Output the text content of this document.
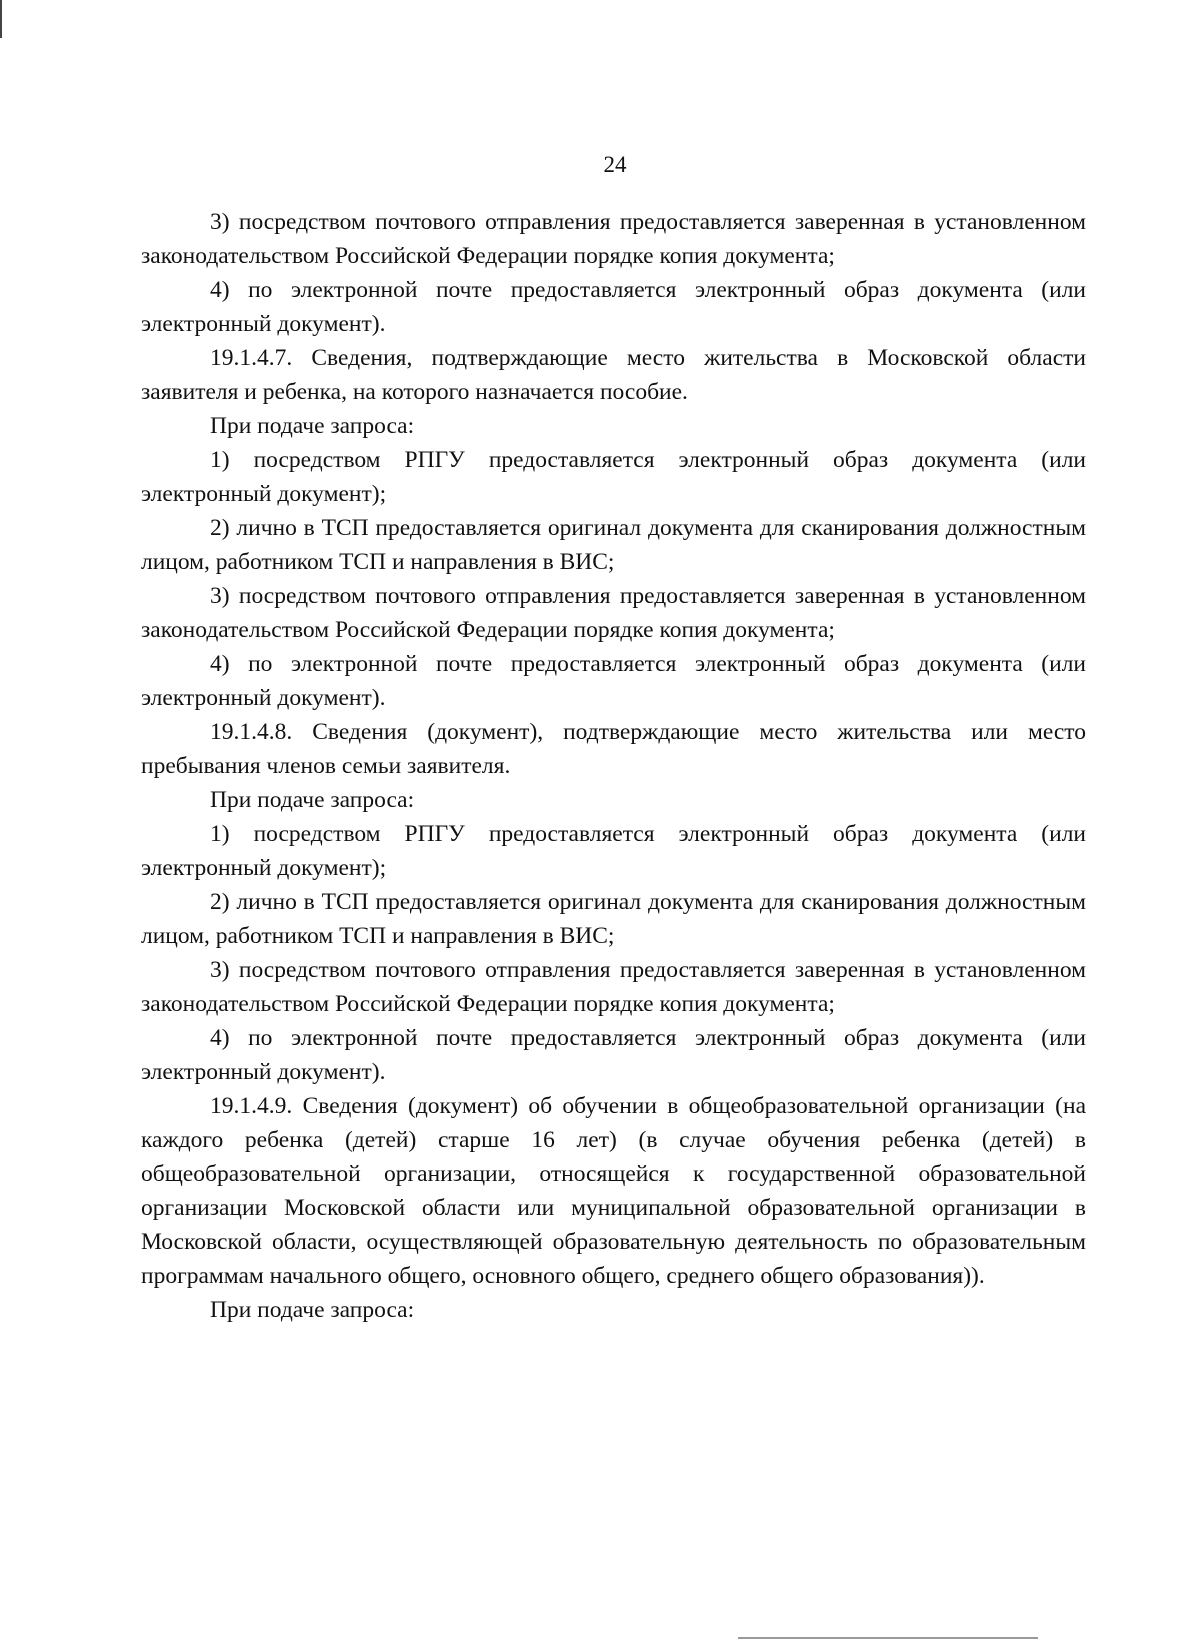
24

3) посредством почтового отправления предоставляется заверенная в установленном законодательством Российской Федерации порядке копия документа;

4) по электронной почте предоставляется электронный образ документа (или электронный документ).

19.1.4.7. Сведения, подтверждающие место жительства в Московской области заявителя и ребенка, на которого назначается пособие.

При подаче запроса:

1) посредством РПГУ предоставляется электронный образ документа (или электронный документ);

2) лично в ТСП предоставляется оригинал документа для сканирования должностным лицом, работником ТСП и направления в ВИС;

3) посредством почтового отправления предоставляется заверенная в установленном законодательством Российской Федерации порядке копия документа;

4) по электронной почте предоставляется электронный образ документа (или электронный документ).

19.1.4.8. Сведения (документ), подтверждающие место жительства или место пребывания членов семьи заявителя.

При подаче запроса:

1) посредством РПГУ предоставляется электронный образ документа (или электронный документ);

2) лично в ТСП предоставляется оригинал документа для сканирования должностным лицом, работником ТСП и направления в ВИС;

3) посредством почтового отправления предоставляется заверенная в установленном законодательством Российской Федерации порядке копия документа;

4) по электронной почте предоставляется электронный образ документа (или электронный документ).

19.1.4.9. Сведения (документ) об обучении в общеобразовательной организации (на каждого ребенка (детей) старше 16 лет) (в случае обучения ребенка (детей) в общеобразовательной организации, относящейся к государственной образовательной организации Московской области или муниципальной образовательной организации в Московской области, осуществляющей образовательную деятельность по образовательным программам начального общего, основного общего, среднего общего образования)).

При подаче запроса:
